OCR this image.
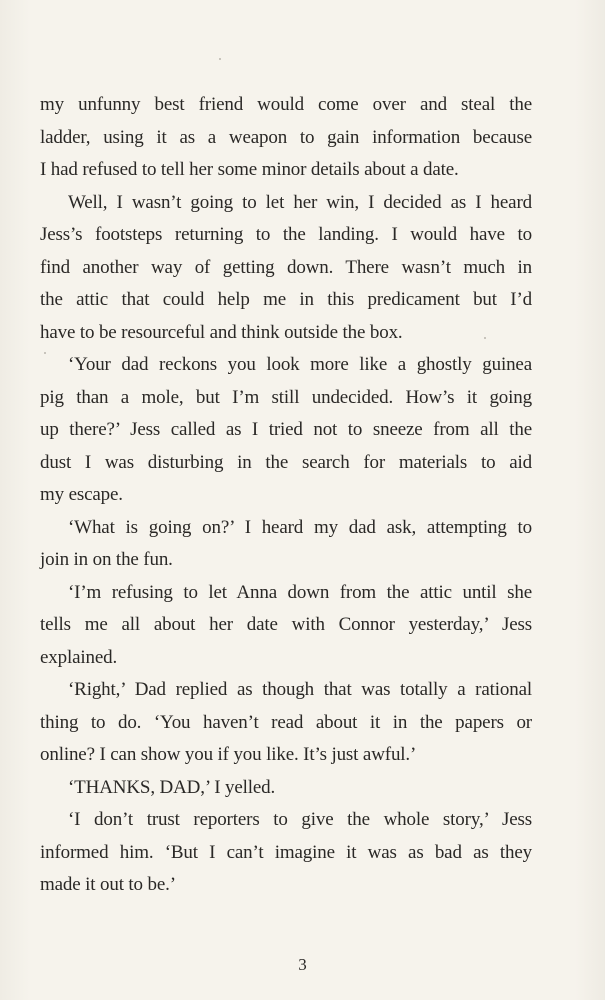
my unfunny best friend would come over and steal the
ladder, using it as a weapon to gain information because
I had refused to tell her some minor details about a date.
Well, I wasn’t going to let her win, I decided as I heard
Jess’s footsteps returning to the landing. I would have to
find another way of getting down. There wasn’t much in
the attic that could help me in this predicament but I’d
have to be resourceful and think outside the box.
‘Your dad reckons you look more like a ghostly guinea
pig than a mole, but I’m still undecided. How’s it going
up there?’ Jess called as I tried not to sneeze from all the
dust I was disturbing in the search for materials to aid
my escape.
‘What is going on?’ I heard my dad ask, attempting to
join in on the fun.
‘I’m refusing to let Anna down from the attic until she
tells me all about her date with Connor yesterday,’ Jess
explained.
‘Right,’ Dad replied as though that was totally a rational
thing to do. ‘You haven’t read about it in the papers or
online? I can show you if you like. It’s just awful.’
‘THANKS, DAD,’ I yelled.
‘I don’t trust reporters to give the whole story,’ Jess
informed him. ‘But I can’t imagine it was as bad as they
made it out to be.’
3
